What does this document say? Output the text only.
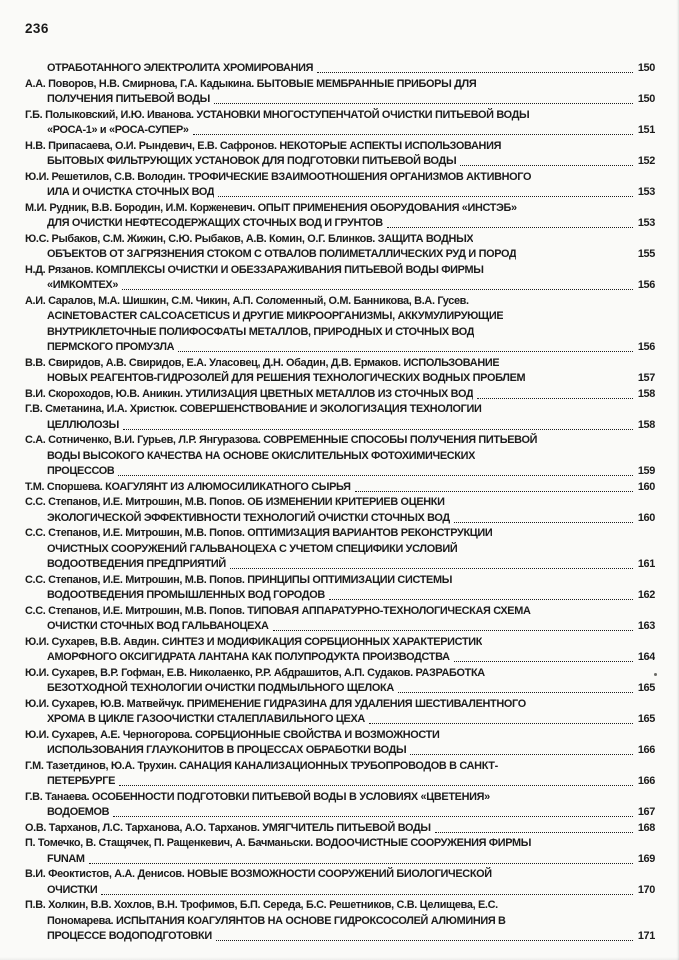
236
ОТРАБОТАННОГО ЭЛЕКТРОЛИТА ХРОМИРОВАНИЯ	150
А.А. Поворов, Н.В. Смирнова, Г.А. Кадыкина. БЫТОВЫЕ МЕМБРАННЫЕ ПРИБОРЫ ДЛЯ
ПОЛУЧЕНИЯ ПИТЬЕВОЙ ВОДЫ	150
Г.Б. Полыковский, И.Ю. Иванова. УСТАНОВКИ МНОГОСТУПЕНЧАТОЙ ОЧИСТКИ ПИТЬЕВОЙ ВОДЫ
«РОСА-1» и «РОСА-СУПЕР»	151
Н.В. Припасаева, О.И. Рындевич, Е.В. Сафронов. НЕКОТОРЫЕ АСПЕКТЫ ИСПОЛЬЗОВАНИЯ
БЫТОВЫХ ФИЛЬТРУЮЩИХ УСТАНОВОК ДЛЯ ПОДГОТОВКИ ПИТЬЕВОЙ ВОДЫ	152
Ю.И. Решетилов, С.В. Володин. ТРОФИЧЕСКИЕ ВЗАИМООТНОШЕНИЯ ОРГАНИЗМОВ АКТИВНОГО
ИЛА И ОЧИСТКА СТОЧНЫХ ВОД	153
М.И. Рудник, В.В. Бородин, И.М. Корженевич. ОПЫТ ПРИМЕНЕНИЯ ОБОРУДОВАНИЯ «ИНСТЭБ»
ДЛЯ ОЧИСТКИ НЕФТЕСОДЕРЖАЩИХ СТОЧНЫХ ВОД И ГРУНТОВ	153
Ю.С. Рыбаков, С.М. Жижин, С.Ю. Рыбаков, А.В. Комин, О.Г. Блинков. ЗАЩИТА ВОДНЫХ
ОБЪЕКТОВ ОТ ЗАГРЯЗНЕНИЯ СТОКОМ С ОТВАЛОВ ПОЛИМЕТАЛЛИЧЕСКИХ РУД И ПОРОД	155
Н.Д. Рязанов. КОМПЛЕКСЫ ОЧИСТКИ И ОБЕЗЗАРАЖИВАНИЯ ПИТЬЕВОЙ ВОДЫ ФИРМЫ
«ИМКОМТЕХ»	156
А.И. Саралов, М.А. Шишкин, С.М. Чикин, А.П. Соломенный, О.М. Банникова, В.А. Гусев.
ACINETOBACTER CALCOACETICUS И ДРУГИЕ МИКРООРГАНИЗМЫ, АККУМУЛИРУЮЩИЕ
ВНУТРИКЛЕТОЧНЫЕ ПОЛИФОСФАТЫ МЕТАЛЛОВ, ПРИРОДНЫХ И СТОЧНЫХ ВОД
ПЕРМСКОГО ПРОМУЗЛА	156
В.В. Свиридов, А.В. Свиридов, Е.А. Уласовец, Д.Н. Обадин, Д.В. Ермаков. ИСПОЛЬЗОВАНИЕ
НОВЫХ РЕАГЕНТОВ-ГИДРОЗОЛЕЙ ДЛЯ РЕШЕНИЯ ТЕХНОЛОГИЧЕСКИХ ВОДНЫХ ПРОБЛЕМ	157
В.И. Скороходов, Ю.В. Аникин. УТИЛИЗАЦИЯ ЦВЕТНЫХ МЕТАЛЛОВ ИЗ СТОЧНЫХ ВОД	158
Г.В. Сметанина, И.А. Христюк. СОВЕРШЕНСТВОВАНИЕ И ЭКОЛОГИЗАЦИЯ ТЕХНОЛОГИИ
ЦЕЛЛЮЛОЗЫ	158
С.А. Сотниченко, В.И. Гурьев, Л.Р. Янгуразова. СОВРЕМЕННЫЕ СПОСОБЫ ПОЛУЧЕНИЯ ПИТЬЕВОЙ
ВОДЫ ВЫСОКОГО КАЧЕСТВА НА ОСНОВЕ ОКИСЛИТЕЛЬНЫХ ФОТОХИМИЧЕСКИХ
ПРОЦЕССОВ	159
Т.М. Споршева. КОАГУЛЯНТ ИЗ АЛЮМОСИЛИКАТНОГО СЫРЬЯ	160
С.С. Степанов, И.Е. Митрошин, М.В. Попов. ОБ ИЗМЕНЕНИИ КРИТЕРИЕВ ОЦЕНКИ
ЭКОЛОГИЧЕСКОЙ ЭФФЕКТИВНОСТИ ТЕХНОЛОГИЙ ОЧИСТКИ СТОЧНЫХ ВОД	160
С.С. Степанов, И.Е. Митрошин, М.В. Попов. ОПТИМИЗАЦИЯ ВАРИАНТОВ РЕКОНСТРУКЦИИ
ОЧИСТНЫХ СООРУЖЕНИЙ ГАЛЬВАНОЦЕХА С УЧЕТОМ СПЕЦИФИКИ УСЛОВИЙ
ВОДООТВЕДЕНИЯ ПРЕДПРИЯТИЙ	161
С.С. Степанов, И.Е. Митрошин, М.В. Попов. ПРИНЦИПЫ ОПТИМИЗАЦИИ СИСТЕМЫ
ВОДООТВЕДЕНИЯ ПРОМЫШЛЕННЫХ ВОД ГОРОДОВ	162
С.С. Степанов, И.Е. Митрошин, М.В. Попов. ТИПОВАЯ АППАРАТУРНО-ТЕХНОЛОГИЧЕСКАЯ СХЕМА
ОЧИСТКИ СТОЧНЫХ ВОД ГАЛЬВАНОЦЕХА	163
Ю.И. Сухарев, В.В. Авдин. СИНТЕЗ И МОДИФИКАЦИЯ СОРБЦИОННЫХ ХАРАКТЕРИСТИК
АМОРФНОГО ОКСИГИДРАТА ЛАНТАНА КАК ПОЛУПРОДУКТА ПРОИЗВОДСТВА	164
Ю.И. Сухарев, В.Р. Гофман, Е.В. Николаенко, Р.Р. Абдрашитов, А.П. Судаков. РАЗРАБОТКА
БЕЗОТХОДНОЙ ТЕХНОЛОГИИ ОЧИСТКИ ПОДМЫЛЬНОГО ЩЕЛОКА	165
Ю.И. Сухарев, Ю.В. Матвейчук. ПРИМЕНЕНИЕ ГИДРАЗИНА ДЛЯ УДАЛЕНИЯ ШЕСТИВАЛЕНТНОГО
ХРОМА В ЦИКЛЕ ГАЗООЧИСТКИ СТАЛЕПЛАВИЛЬНОГО ЦЕХА	165
Ю.И. Сухарев, А.Е. Черногорова. СОРБЦИОННЫЕ СВОЙСТВА И ВОЗМОЖНОСТИ
ИСПОЛЬЗОВАНИЯ ГЛАУКОНИТОВ В ПРОЦЕССАХ ОБРАБОТКИ ВОДЫ	166
Г.М. Тазетдинов, Ю.А. Трухин. САНАЦИЯ КАНАЛИЗАЦИОННЫХ ТРУБОПРОВОДОВ В САНКТ-
ПЕТЕРБУРГЕ	166
Г.В. Танаева. ОСОБЕННОСТИ ПОДГОТОВКИ ПИТЬЕВОЙ ВОДЫ В УСЛОВИЯХ «ЦВЕТЕНИЯ»
ВОДОЕМОВ	167
О.В. Тарханов, Л.С. Тарханова, А.О. Тарханов. УМЯГЧИТЕЛЬ ПИТЬЕВОЙ ВОДЫ	168
П. Томечко, В. Стащячек, П. Ращенкевич, А. Бачманьски. ВОДООЧИСТНЫЕ СООРУЖЕНИЯ ФИРМЫ
FUNAM	169
В.И. Феоктистов, А.А. Денисов. НОВЫЕ ВОЗМОЖНОСТИ СООРУЖЕНИЙ БИОЛОГИЧЕСКОЙ
ОЧИСТКИ	170
П.В. Холкин, В.В. Хохлов, В.Н. Трофимов, Б.П. Середа, Б.С. Решетников, С.В. Целищева, Е.С.
Пономарева. ИСПЫТАНИЯ КОАГУЛЯНТОВ НА ОСНОВЕ ГИДРОКСОСОЛЕЙ АЛЮМИНИЯ В
ПРОЦЕССЕ ВОДОПОДГОТОВКИ	171
